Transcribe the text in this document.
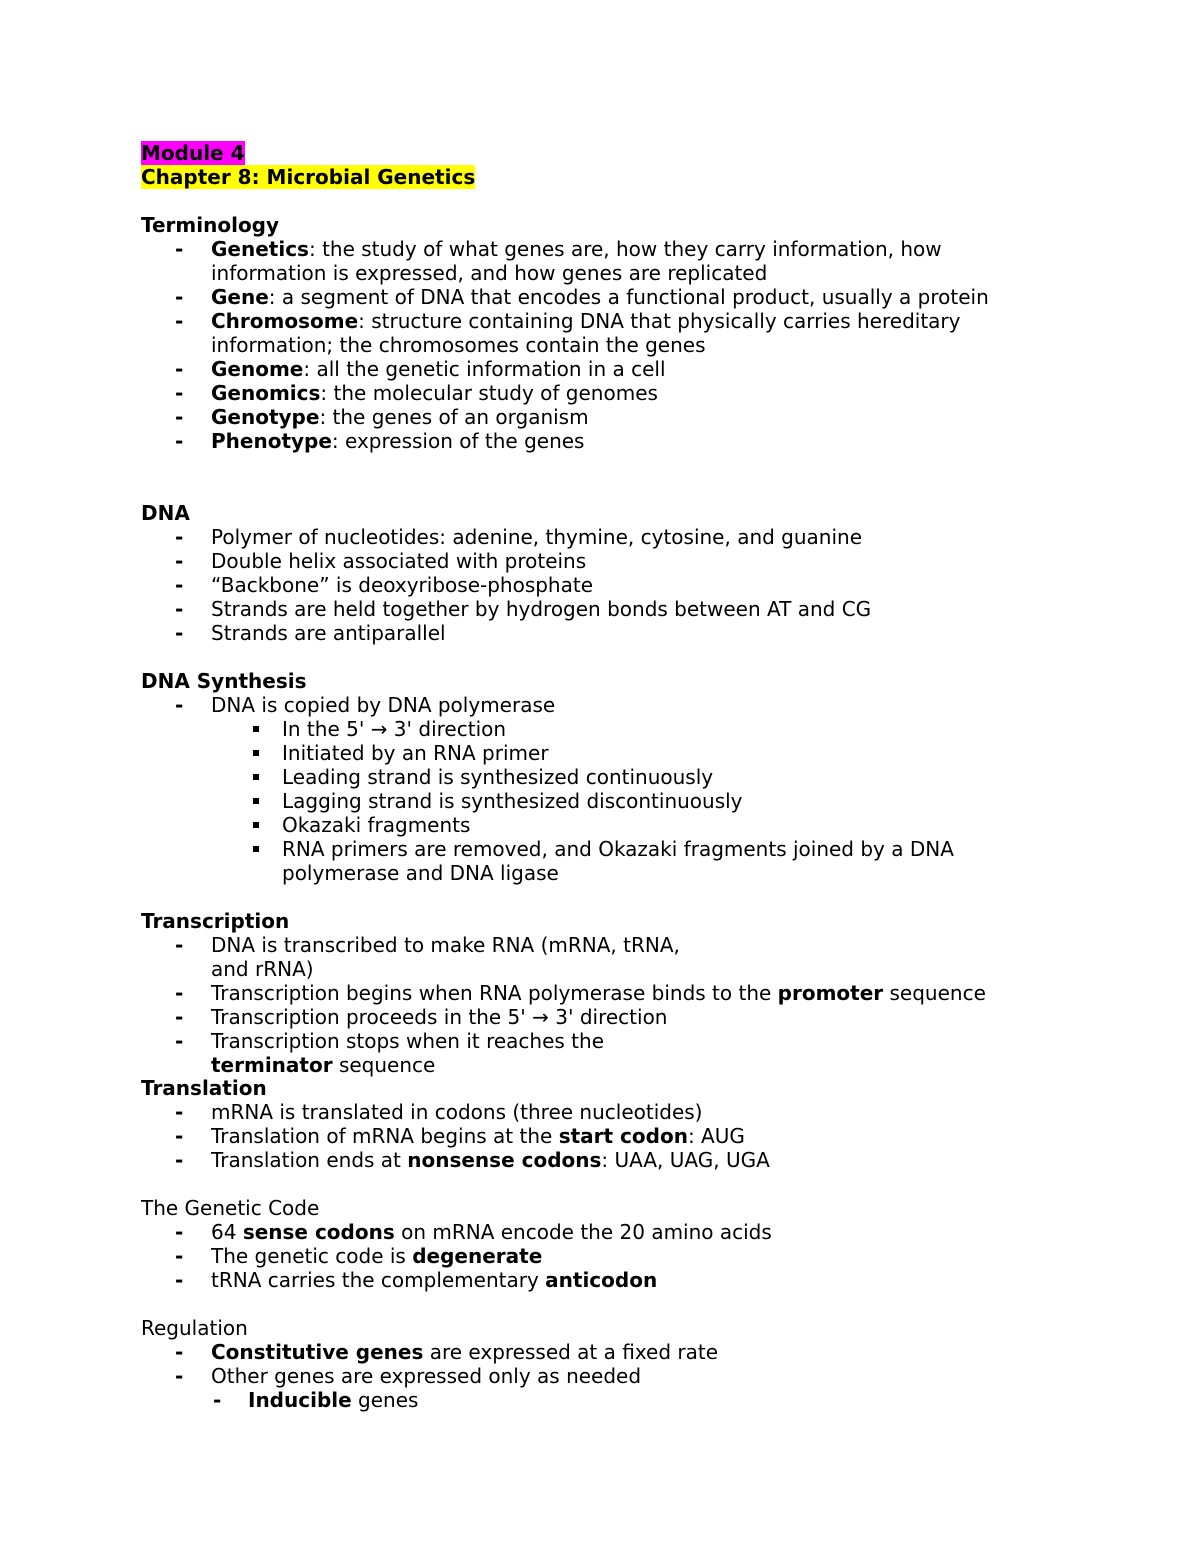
Module 4
Chapter 8: Microbial Genetics
Terminology
- Genetics: the study of what genes are, how they carry information, how
information is expressed, and how genes are replicated
- Gene: a segment of DNA that encodes a functional product, usually a protein
- Chromosome: structure containing DNA that physically carries hereditary
information; the chromosomes contain the genes
- Genome: all the genetic information in a cell
- Genomics: the molecular study of genomes
- Genotype: the genes of an organism
- Phenotype: expression of the genes
DNA
- Polymer of nucleotides: adenine, thymine, cytosine, and guanine
- Double helix associated with proteins
- “Backbone” is deoxyribose-phosphate
- Strands are held together by hydrogen bonds between AT and CG
- Strands are antiparallel
DNA Synthesis
- DNA is copied by DNA polymerase
In the 5' → 3' direction
Initiated by an RNA primer
Leading strand is synthesized continuously
Lagging strand is synthesized discontinuously
Okazaki fragments
RNA primers are removed, and Okazaki fragments joined by a DNA
polymerase and DNA ligase
Transcription
- DNA is transcribed to make RNA (mRNA, tRNA,
and rRNA)
- Transcription begins when RNA polymerase binds to the promoter sequence
- Transcription proceeds in the 5' → 3' direction
- Transcription stops when it reaches the
terminator sequence
Translation
- mRNA is translated in codons (three nucleotides)
- Translation of mRNA begins at the start codon: AUG
- Translation ends at nonsense codons: UAA, UAG, UGA
The Genetic Code
- 64 sense codons on mRNA encode the 20 amino acids
- The genetic code is degenerate
- tRNA carries the complementary anticodon
Regulation
- Constitutive genes are expressed at a fixed rate
- Other genes are expressed only as needed
- Inducible genes
